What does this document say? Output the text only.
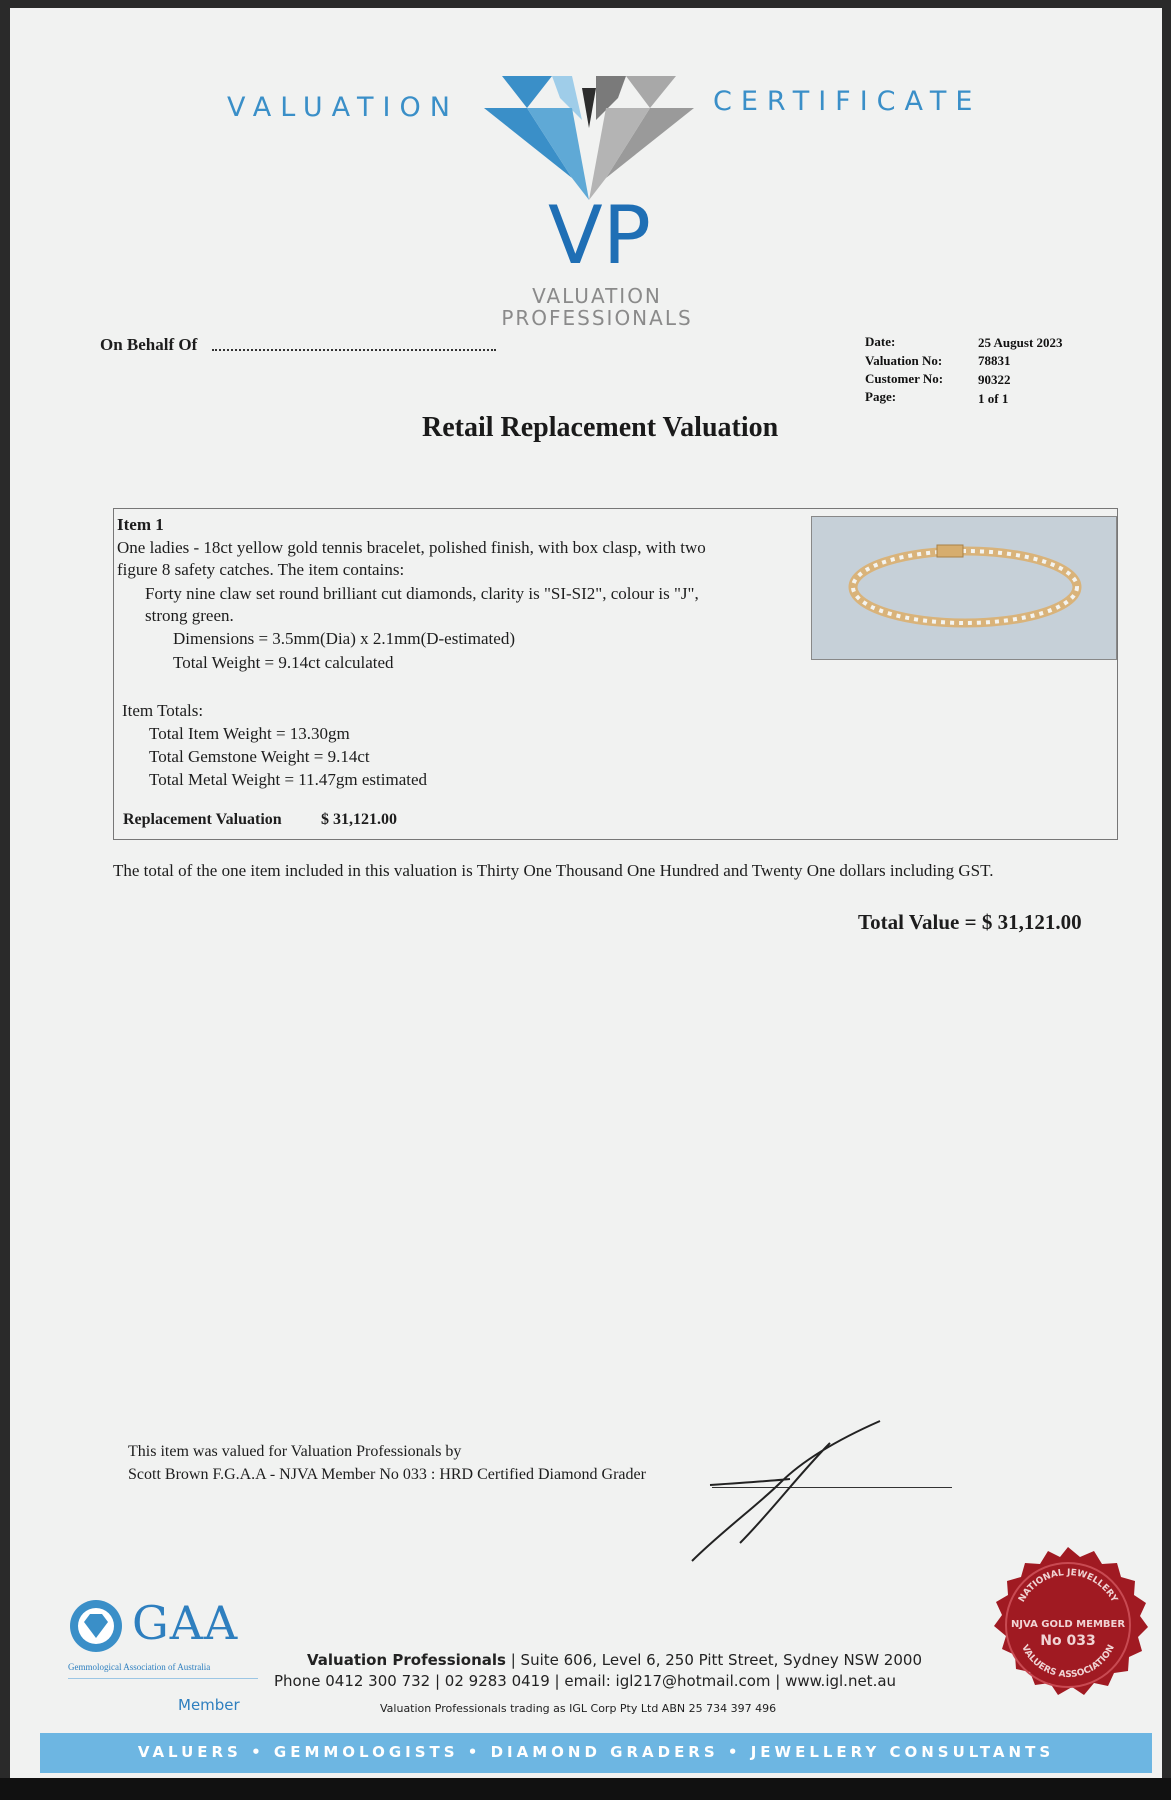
VALUATION	CERTIFICATE
VP
VALUATION
PROFESSIONALS
On Behalf Of	Date:	25 August 2023
Valuation No:	78831
Customer No:	90322
Page:	1 of 1
Retail Replacement Valuation
Item 1
One ladies - 18ct yellow gold tennis bracelet, polished finish, with box clasp, with two
figure 8 safety catches. The item contains:
Forty nine claw set round brilliant cut diamonds, clarity is "SI-SI2", colour is "J",
strong green.
Dimensions = 3.5mm(Dia) x 2.1mm(D-estimated)
Total Weight = 9.14ct calculated
Item Totals:
Total Item Weight = 13.30gm
Total Gemstone Weight = 9.14ct
Total Metal Weight = 11.47gm estimated
Replacement Valuation $ 31,121.00
The total of the one item included in this valuation is Thirty One Thousand One Hundred and Twenty One dollars including GST.
Total Value = $ 31,121.00
This item was valued for Valuation Professionals by
Scott Brown F.G.A.A - NJVA Member No 033 : HRD Certified Diamond Grader
GAA
Gemmological Association of Australia
Member
Valuation Professionals | Suite 606, Level 6, 250 Pitt Street, Sydney NSW 2000
Phone 0412 300 732 | 02 9283 0419 | email: igl217@hotmail.com | www.igl.net.au
Valuation Professionals trading as IGL Corp Pty Ltd ABN 25 734 397 496
NATIONAL JEWELLERY
NJVA GOLD MEMBER
No 033
VALUERS ASSOCIATION
VALUERS • GEMMOLOGISTS • DIAMOND GRADERS • JEWELLERY CONSULTANTS
